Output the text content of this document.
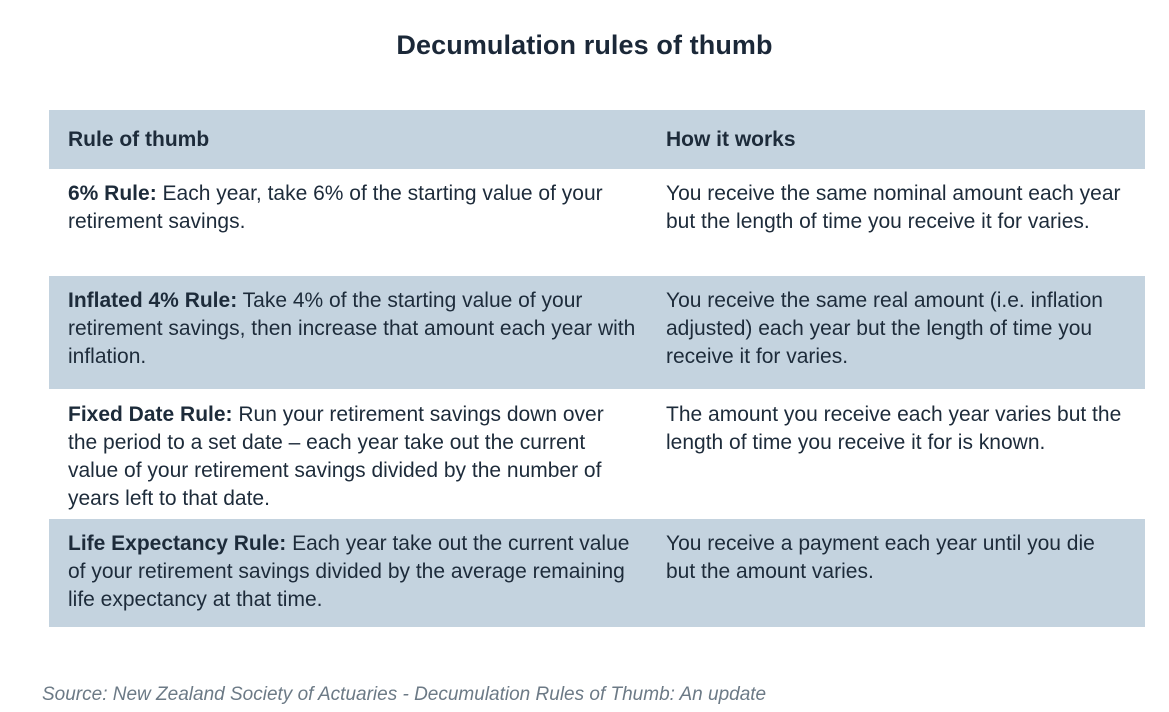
Decumulation rules of thumb
Rule of thumb	How it works
6% Rule: Each year, take 6% of the starting value of your retirement savings.
You receive the same nominal amount each year but the length of time you receive it for varies.
Inflated 4% Rule: Take 4% of the starting value of your retirement savings, then increase that amount each year with inflation.
You receive the same real amount (i.e. inflation adjusted) each year but the length of time you receive it for varies.
Fixed Date Rule: Run your retirement savings down over the period to a set date – each year take out the current value of your retirement savings divided by the number of years left to that date.
The amount you receive each year varies but the length of time you receive it for is known.
Life Expectancy Rule: Each year take out the current value of your retirement savings divided by the average remaining life expectancy at that time.
You receive a payment each year until you die but the amount varies.
Source: New Zealand Society of Actuaries - Decumulation Rules of Thumb: An update
